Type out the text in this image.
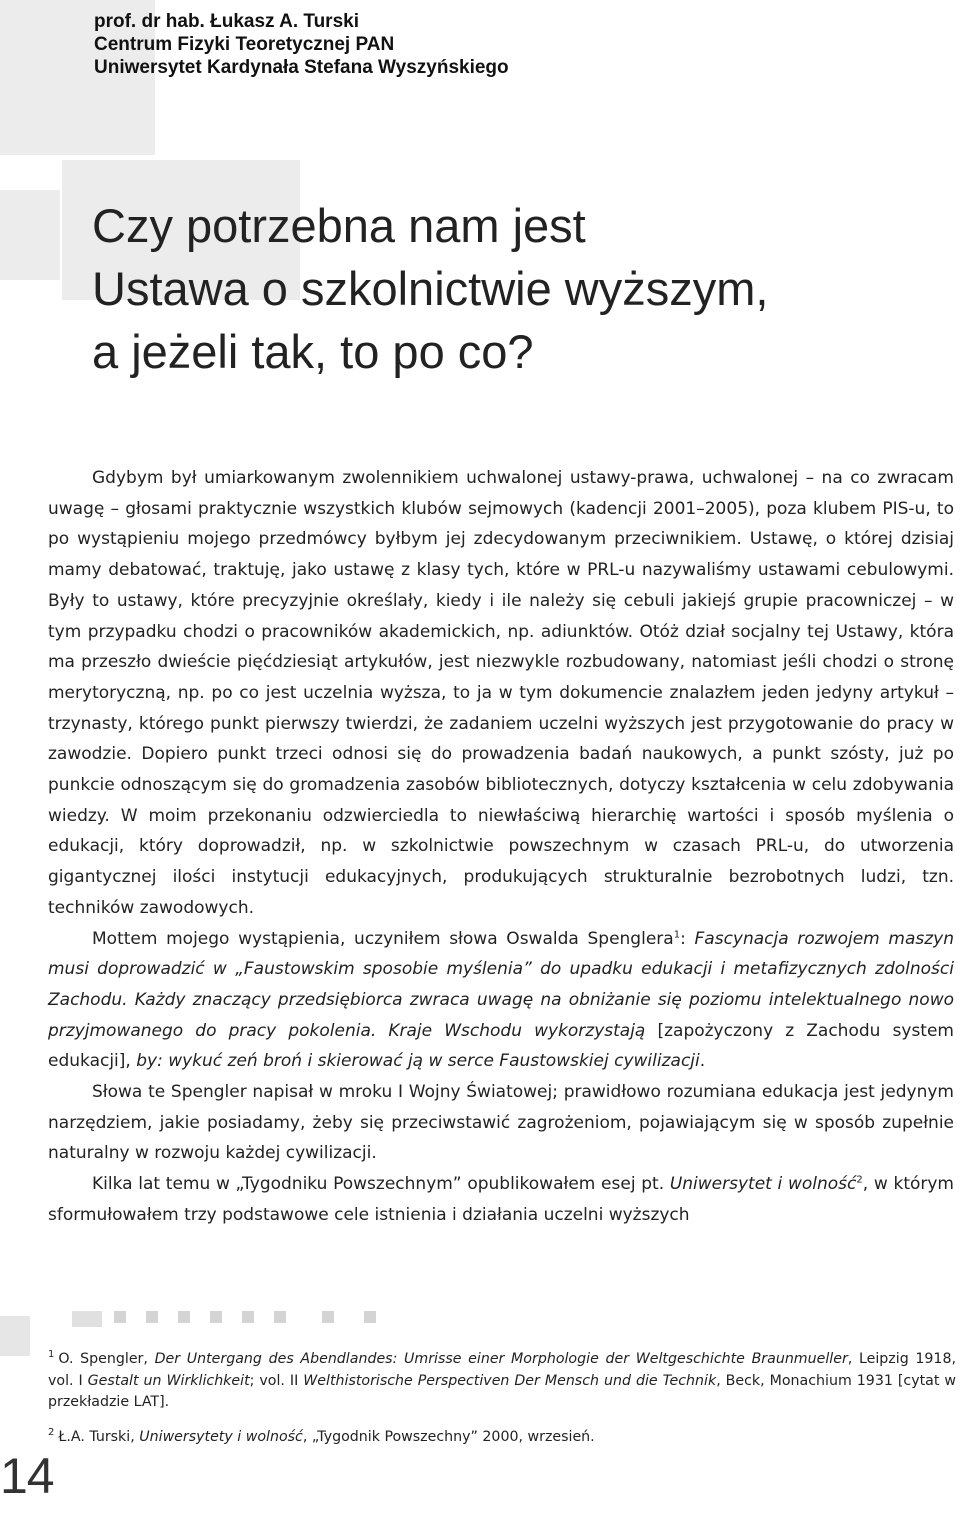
prof. dr hab. Łukasz A. Turski
Centrum Fizyki Teoretycznej PAN
Uniwersytet Kardynała Stefana Wyszyńskiego
Czy potrzebna nam jest
Ustawa o szkolnictwie wyższym,
a jeżeli tak, to po co?

Gdybym był umiarkowanym zwolennikiem uchwalonej ustawy-prawa, uchwalonej – na co zwracam uwagę – głosami praktycznie wszystkich klubów sejmowych (kadencji 2001–2005), poza klubem PIS-u, to po wystąpieniu mojego przedmówcy byłbym jej zdecydowanym przeciwnikiem. Ustawę, o której dzisiaj mamy debatować, traktuję, jako ustawę z klasy tych, które w PRL-u nazywaliśmy ustawami cebulowymi. Były to ustawy, które precyzyjnie określały, kiedy i ile należy się cebuli jakiejś grupie pracowniczej – w tym przypadku chodzi o pracowników akademickich, np. adiunktów. Otóż dział socjalny tej Ustawy, która ma przeszło dwieście pięćdziesiąt artykułów, jest niezwykle rozbudowany, natomiast jeśli chodzi o stronę merytoryczną, np. po co jest uczelnia wyższa, to ja w tym dokumencie znalazłem jeden jedyny artykuł – trzynasty, którego punkt pierwszy twierdzi, że zadaniem uczelni wyższych jest przygotowanie do pracy w zawodzie. Dopiero punkt trzeci odnosi się do prowadzenia badań naukowych, a punkt szósty, już po punkcie odnoszącym się do gromadzenia zasobów bibliotecznych, dotyczy kształcenia w celu zdobywania wiedzy. W moim przekonaniu odzwierciedla to niewłaściwą hierarchię wartości i sposób myślenia o edukacji, który doprowadził, np. w szkolnictwie powszechnym w czasach PRL-u, do utworzenia gigantycznej ilości instytucji edukacyjnych, produkujących strukturalnie bezrobotnych ludzi, tzn. techników zawodowych.

Mottem mojego wystąpienia, uczyniłem słowa Oswalda Spenglera$^1$: Fascynacja rozwojem maszyn musi doprowadzić w „Faustowskim sposobie myślenia” do upadku edukacji i metafizycznych zdolności Zachodu. Każdy znaczący przedsiębiorca zwraca uwagę na obniżanie się poziomu intelektualnego nowo przyjmowanego do pracy pokolenia. Kraje Wschodu wykorzystają [zapożyczony z Zachodu system edukacji], by: wykuć zeń broń i skierować ją w serce Faustowskiej cywilizacji.

Słowa te Spengler napisał w mroku I Wojny Światowej; prawidłowo rozumiana edukacja jest jedynym narzędziem, jakie posiadamy, żeby się przeciwstawić zagrożeniom, pojawiającym się w sposób zupełnie naturalny w rozwoju każdej cywilizacji.

Kilka lat temu w „Tygodniku Powszechnym” opublikowałem esej pt. Uniwersytet i wolność$^2$, w którym sformułowałem trzy podstawowe cele istnienia i działania uczelni wyższych

$^1$ O. Spengler, Der Untergang des Abendlandes: Umrisse einer Morphologie der Weltgeschichte Braunmueller, Leipzig 1918, vol. I Gestalt un Wirklichkeit; vol. II Welthistorische Perspectiven Der Mensch und die Technik, Beck, Monachium 1931 [cytat w przekładzie LAT].

$^2$ Ł.A. Turski, Uniwersytety i wolność, „Tygodnik Powszechny” 2000, wrzesień.

14
